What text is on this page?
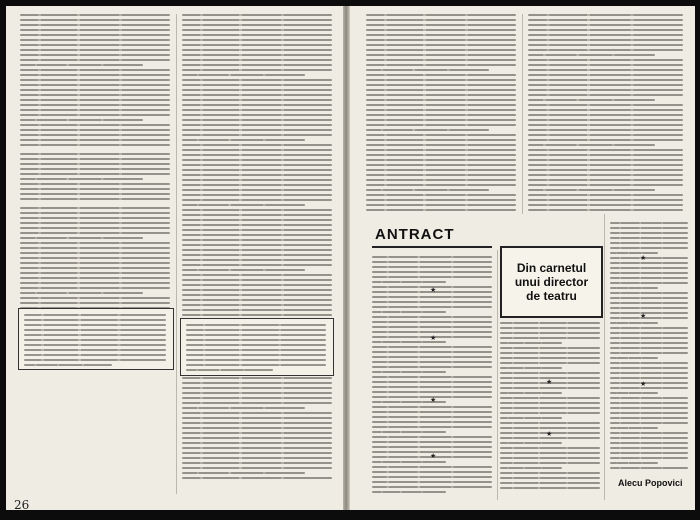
ANTRACT
Din carnetul
unui director
de teatru
26
Alecu Popovici
★
★
★
★
★
★
★
★
★
